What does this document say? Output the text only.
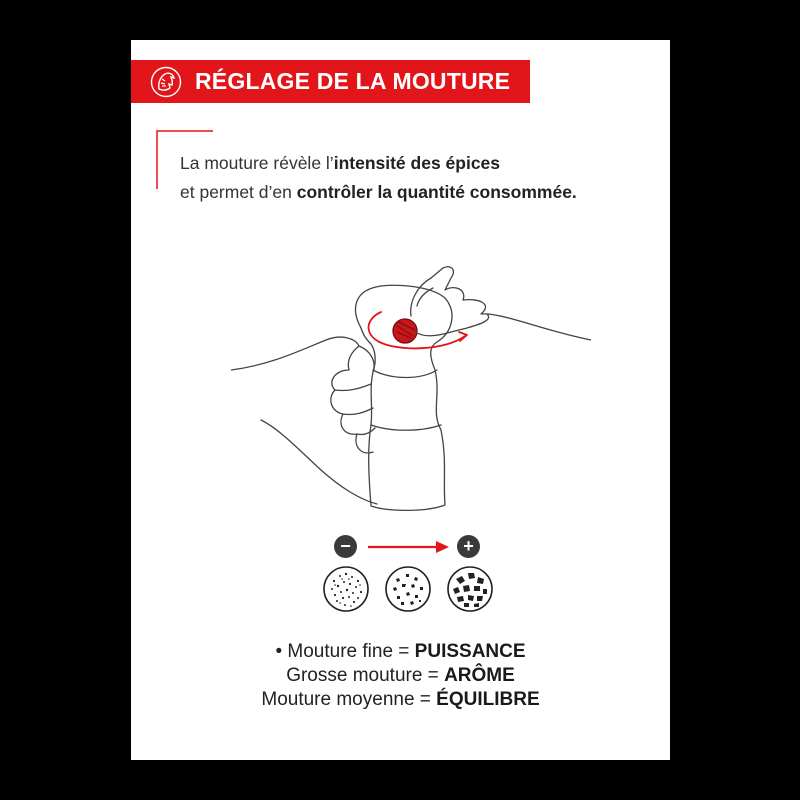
RÉGLAGE DE LA MOUTURE
La mouture révèle l’intensité des épices
et permet d’en contrôler la quantité consommée.
−	+
• Mouture fine = PUISSANCE
Grosse mouture = ARÔME
Mouture moyenne = ÉQUILIBRE
